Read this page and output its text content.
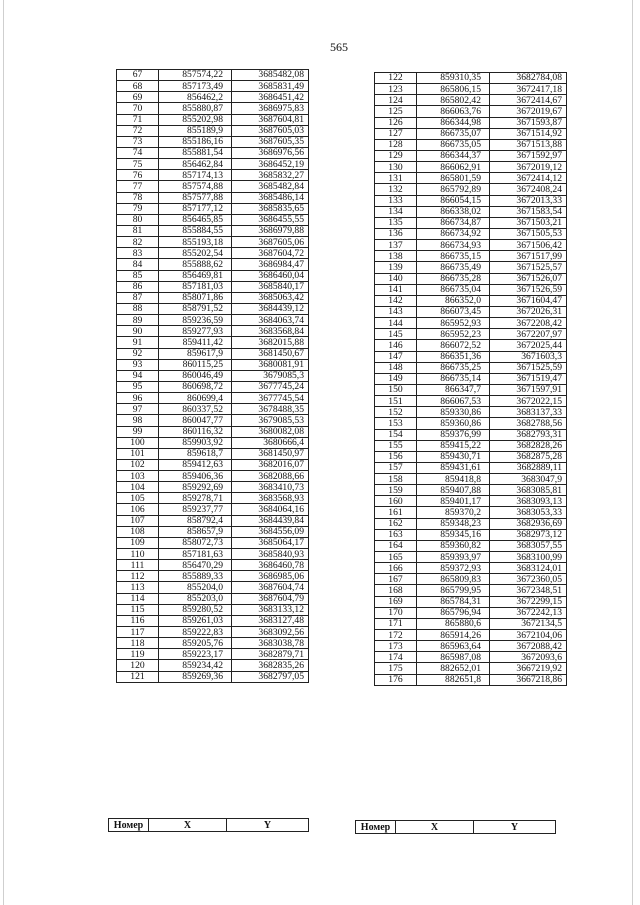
565
67	857574,22	3685482,08
68	857173,49	3685831,49
69	856462,2	3686451,42
70	855880,87	3686975,83
71	855202,98	3687604,81
72	855189,9	3687605,03
73	855186,16	3687605,35
74	855881,54	3686976,56
75	856462,84	3686452,19
76	857174,13	3685832,27
77	857574,88	3685482,84
78	857577,88	3685486,14
79	857177,12	3685835,65
80	856465,85	3686455,55
81	855884,55	3686979,88
82	855193,18	3687605,06
83	855202,54	3687604,72
84	855888,62	3686984,47
85	856469,81	3686460,04
86	857181,03	3685840,17
87	858071,86	3685063,42
88	858791,52	3684439,12
89	859236,59	3684063,74
90	859277,93	3683568,84
91	859411,42	3682015,88
92	859617,9	3681450,67
93	860115,25	3680081,91
94	860046,49	3679085,3
95	860698,72	3677745,24
96	860699,4	3677745,54
97	860337,52	3678488,35
98	860047,77	3679085,53
99	860116,32	3680082,08
100	859903,92	3680666,4
101	859618,7	3681450,97
102	859412,63	3682016,07
103	859406,36	3682088,66
104	859292,69	3683410,73
105	859278,71	3683568,93
106	859237,77	3684064,16
107	858792,4	3684439,84
108	858657,9	3684556,09
109	858072,73	3685064,17
110	857181,63	3685840,93
111	856470,29	3686460,78
112	855889,33	3686985,06
113	855204,0	3687604,74
114	855203,0	3687604,79
115	859280,52	3683133,12
116	859261,03	3683127,48
117	859222,83	3683092,56
118	859205,76	3683038,78
119	859223,17	3682879,71
120	859234,42	3682835,26
121	859269,36	3682797,05
122	859310,35	3682784,08
123	865806,15	3672417,18
124	865802,42	3672414,67
125	866063,76	3672019,67
126	866344,98	3671593,87
127	866735,07	3671514,92
128	866735,05	3671513,88
129	866344,37	3671592,97
130	866062,91	3672019,12
131	865801,59	3672414,12
132	865792,89	3672408,24
133	866054,15	3672013,33
134	866338,02	3671583,54
135	866734,87	3671503,21
136	866734,92	3671505,53
137	866734,93	3671506,42
138	866735,15	3671517,99
139	866735,49	3671525,57
140	866735,28	3671526,07
141	866735,04	3671526,59
142	866352,0	3671604,47
143	866073,45	3672026,31
144	865952,93	3672208,42
145	865952,23	3672207,97
146	866072,52	3672025,44
147	866351,36	3671603,3
148	866735,25	3671525,59
149	866735,14	3671519,47
150	866347,7	3671597,91
151	866067,53	3672022,15
152	859330,86	3683137,33
153	859360,86	3682788,56
154	859376,99	3682793,31
155	859415,22	3682828,26
156	859430,71	3682875,28
157	859431,61	3682889,11
158	859418,8	3683047,9
159	859407,88	3683085,81
160	859401,17	3683093,13
161	859370,2	3683053,33
162	859348,23	3682936,69
163	859345,16	3682973,12
164	859360,82	3683057,55
165	859393,97	3683100,99
166	859372,93	3683124,01
167	865809,83	3672360,05
168	865799,95	3672348,51
169	865784,31	3672299,15
170	865796,94	3672242,13
171	865880,6	3672134,5
172	865914,26	3672104,06
173	865963,64	3672088,42
174	865987,08	3672093,6
175	882652,01	3667219,92
176	882651,8	3667218,86
Номер	X	Y	Номер	X	Y
